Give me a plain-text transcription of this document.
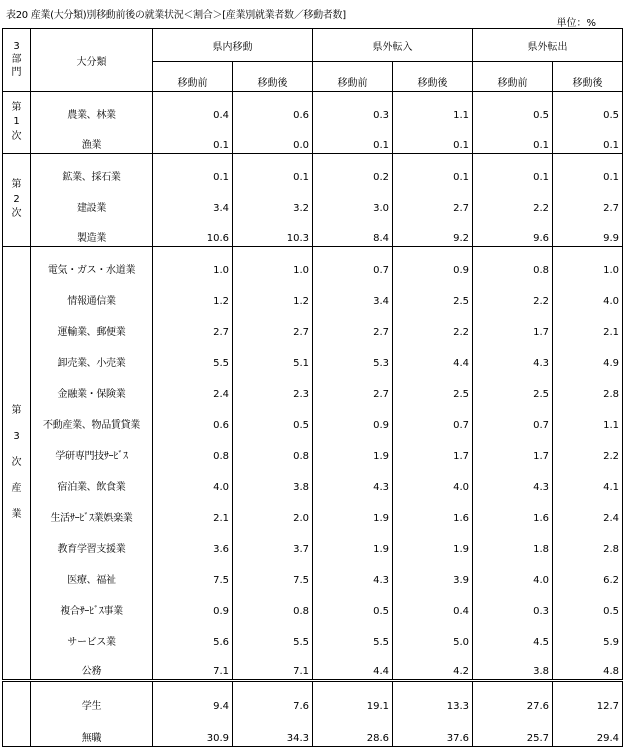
表20 産業(大分類)別移動前後の就業状況＜割合＞[産業別就業者数／移動者数]
単位：%
3部門	大分類	県内移動		県外転入		県外転出	
		移動前	移動後	移動前	移動後	移動前	移動後
第1次	農業、林業	0.4	0.6	0.3	1.1	0.5	0.5
	漁業	0.1	0.0	0.1	0.1	0.1	0.1
第2次	鉱業、採石業	0.1	0.1	0.2	0.1	0.1	0.1
	建設業	3.4	3.2	3.0	2.7	2.2	2.7
	製造業	10.6	10.3	8.4	9.2	9.6	9.9
第3次産業	電気・ガス・水道業	1.0	1.0	0.7	0.9	0.8	1.0
	情報通信業	1.2	1.2	3.4	2.5	2.2	4.0
	運輸業、郵便業	2.7	2.7	2.7	2.2	1.7	2.1
	卸売業、小売業	5.5	5.1	5.3	4.4	4.3	4.9
	金融業・保険業	2.4	2.3	2.7	2.5	2.5	2.8
	不動産業、物品賃貸業	0.6	0.5	0.9	0.7	0.7	1.1
	学研専門技ｻｰﾋﾞｽ	0.8	0.8	1.9	1.7	1.7	2.2
	宿泊業、飲食業	4.0	3.8	4.3	4.0	4.3	4.1
	生活ｻｰﾋﾞｽ業娯楽業	2.1	2.0	1.9	1.6	1.6	2.4
	教育学習支援業	3.6	3.7	1.9	1.9	1.8	2.8
	医療、福祉	7.5	7.5	4.3	3.9	4.0	6.2
	複合ｻｰﾋﾞｽ事業	0.9	0.8	0.5	0.4	0.3	0.5
	サービス業	5.6	5.5	5.5	5.0	4.5	5.9
	公務	7.1	7.1	4.4	4.2	3.8	4.8
	学生	9.4	7.6	19.1	13.3	27.6	12.7
	無職	30.9	34.3	28.6	37.6	25.7	29.4
